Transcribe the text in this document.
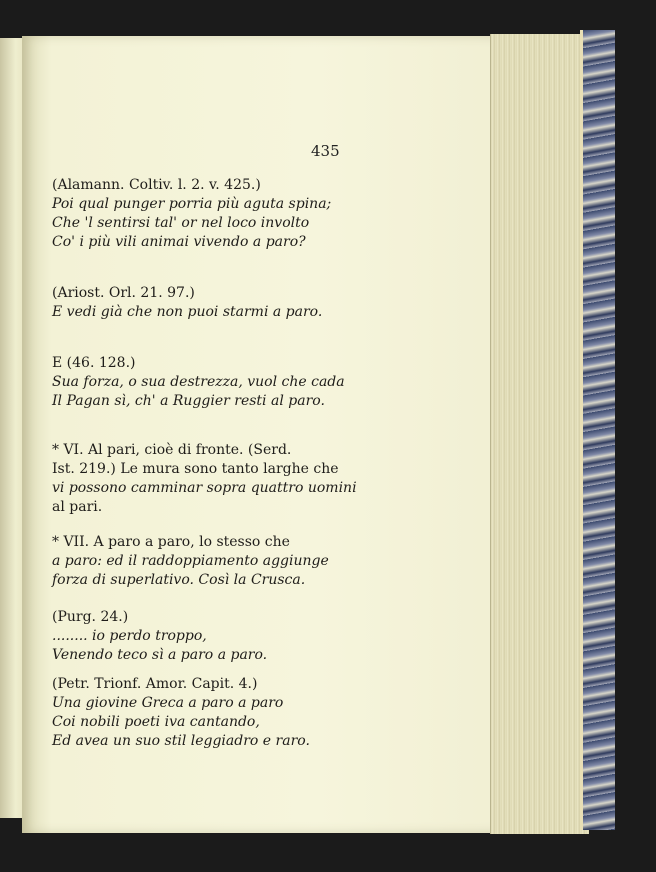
435
(Alamann. Coltiv. l. 2. v. 425.)
Poi qual punger porria più aguta spina;
Che 'l sentirsi tal' or nel loco involto
Co' i più vili animai vivendo a paro?
(Ariost. Orl. 21. 97.)
E vedi già che non puoi starmi a paro.
E (46. 128.)
Sua forza, o sua destrezza, vuol che cada
Il Pagan sì, ch' a Ruggier resti al paro.
* VI. Al pari, cioè di fronte. (Serd.
Ist. 219.) Le mura sono tanto larghe che
vi possono camminar sopra quattro uomini
al pari.
* VII. A paro a paro, lo stesso che
a paro: ed il raddoppiamento aggiunge
forza di superlativo. Così la Crusca.
(Purg. 24.)
........ io perdo troppo,
Venendo teco sì a paro a paro.
(Petr. Trionf. Amor. Capit. 4.)
Una giovine Greca a paro a paro
Coi nobili poeti iva cantando,
Ed avea un suo stil leggiadro e raro.
